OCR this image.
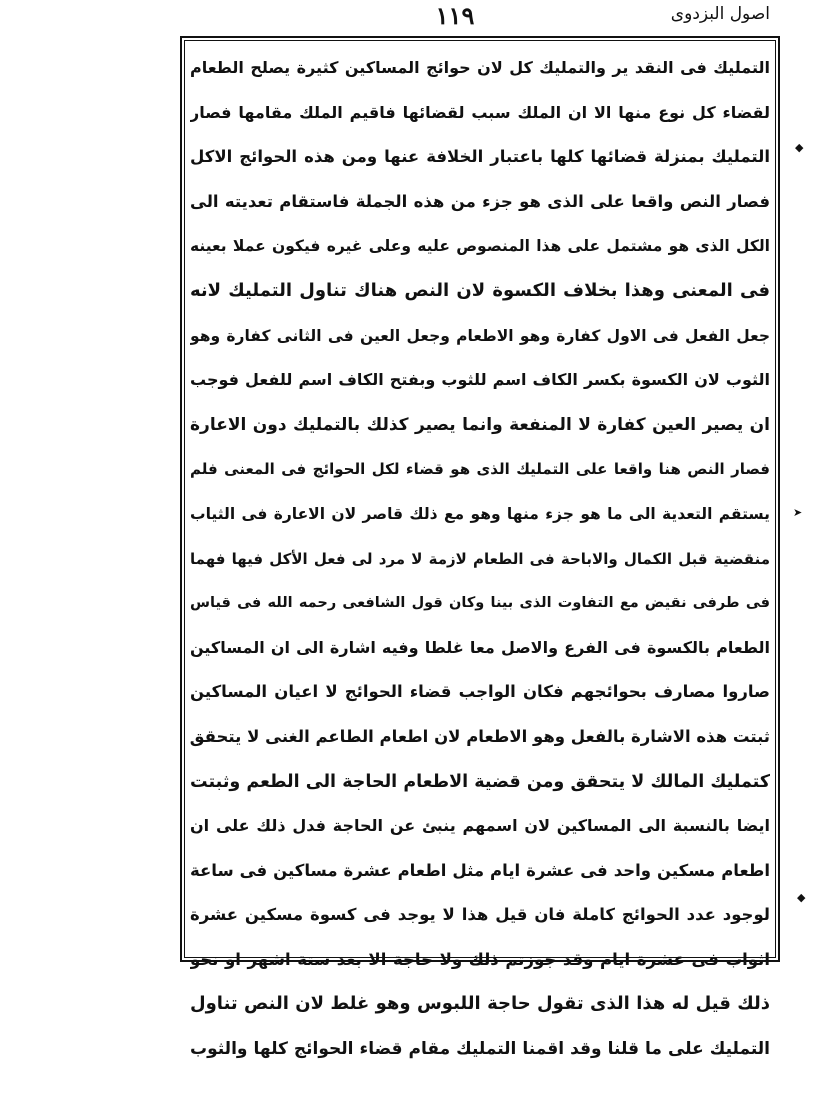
اصول البزدوی
۱۱۹
التملیك فی النقد یر والتملیك كل لان حوائج المساكین كثیرة یصلح الطعام
لقضاء كل نوع منها الا ان الملك سبب لقضائها فاقیم الملك مقامها فصار
التملیك بمنزلة قضائها كلها باعتبار الخلافة عنها ومن هذه الحوائج الاكل
فصار النص واقعا على الذی هو جزء من هذه الجملة فاستقام تعدیته الى
الكل الذی هو مشتمل على هذا المنصوص علیه وعلى غیره فیكون عملا بعینه
فی المعنی وهذا بخلاف الكسوة لان النص هناك تناول التملیك لانه
جعل الفعل فی الاول كفارة وهو الاطعام وجعل العین فی الثانی كفارة وهو
الثوب لان الكسوة بكسر الكاف اسم للثوب وبفتح الكاف اسم للفعل فوجب
ان یصیر العین كفارة لا المنفعة وانما یصیر كذلك بالتملیك دون الاعارة
فصار النص هنا واقعا على التملیك الذی هو قضاء لكل الحوائج فی المعنی فلم
یستقم التعدیة الى ما هو جزء منها وهو مع ذلك قاصر لان الاعارة فی الثیاب
منقضیة قبل الكمال والاباحة فی الطعام لازمة لا مرد لی فعل الأكل فیها فهما
فی طرفی نقیض مع التفاوت الذی بینا وكان قول الشافعی رحمه الله فی قیاس
الطعام بالكسوة فی الفرع والاصل معا غلطا وفیه اشارة الى ان المساكین
صاروا مصارف بحوائجهم فكان الواجب قضاء الحوائج لا اعیان المساكین
ثبتت هذه الاشارة بالفعل وهو الاطعام لان اطعام الطاعم الغنی لا یتحقق
كتملیك المالك لا یتحقق ومن قضیة الاطعام الحاجة الى الطعم وثبتت
ایضا بالنسبة الى المساكین لان اسمهم ینبئ عن الحاجة فدل ذلك على ان
اطعام مسكین واحد فی عشرة ایام مثل اطعام عشرة مساكین فی ساعة
لوجود عدد الحوائج كاملة فان قیل هذا لا یوجد فی كسوة مسكین عشرة
اثواب فی عشرة ایام وقد جوزتم ذلك ولا حاجة الا بعد ستة اشهر او نحو
ذلك قیل له هذا الذی تقول حاجة اللبوس وهو غلط لان النص تناول
التملیك على ما قلنا وقد اقمنا التملیك مقام قضاء الحوائج كلها والثوب
◆
➤
◆
